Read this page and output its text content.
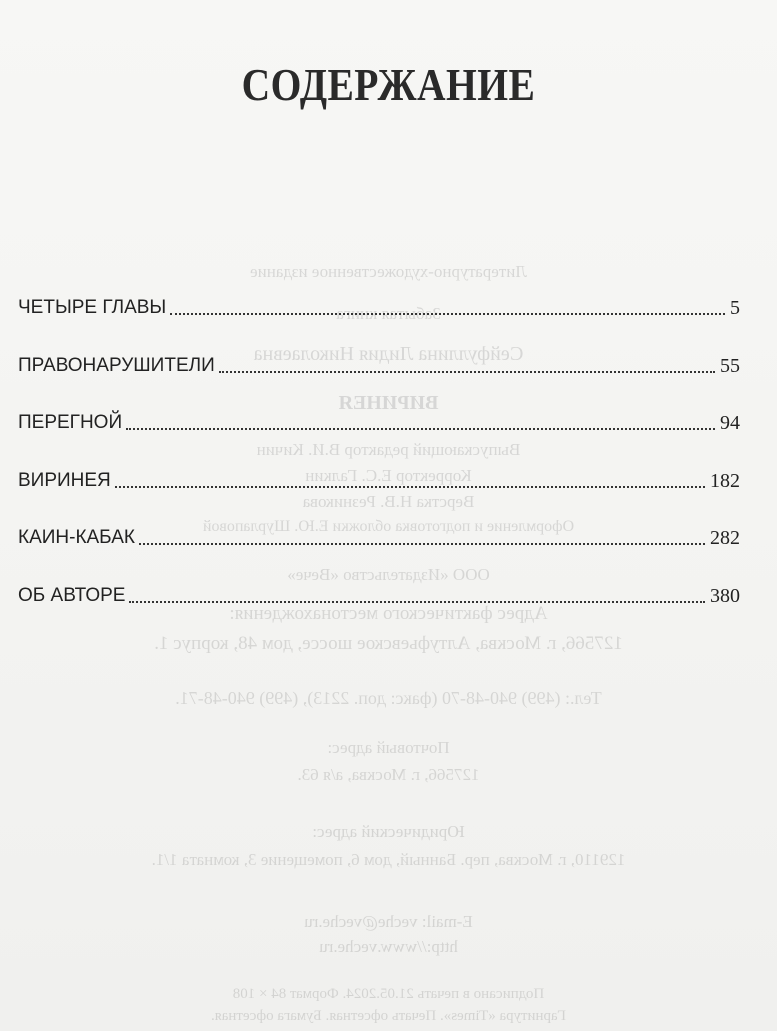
Литературно-художественное издание
Забытая книга
Сейфуллина Лидия Николаевна
ВИРИНЕЯ
Выпускающий редактор В.И. Кичин
Корректор Е.С. Галкин
Верстка Н.В. Резникова
Оформление и подготовка обложки Е.Ю. Шурлаповой
ООО «Издательство «Вече»
Адрес фактического местонахождения:
127566, г. Москва, Алтуфьевское шоссе, дом 48, корпус 1.
Тел.: (499) 940-48-70 (факс: доп. 2213), (499) 940-48-71.
Почтовый адрес:
127566, г. Москва, а/я 63.
Юридический адрес:
129110, г. Москва, пер. Банный, дом 6, помещение 3, комната 1/1.
E-mail: veche@veche.ru
http://www.veche.ru
Подписано в печать 21.05.2024. Формат 84 × 108
Гарнитура «Times». Печать офсетная. Бумага офсетная.
СОДЕРЖАНИЕ
ЧЕТЫРЕ ГЛАВЫ	5
ПРАВОНАРУШИТЕЛИ	55
ПЕРЕГНОЙ	94
ВИРИНЕЯ	182
КАИН-КАБАК	282
ОБ АВТОРЕ	380
